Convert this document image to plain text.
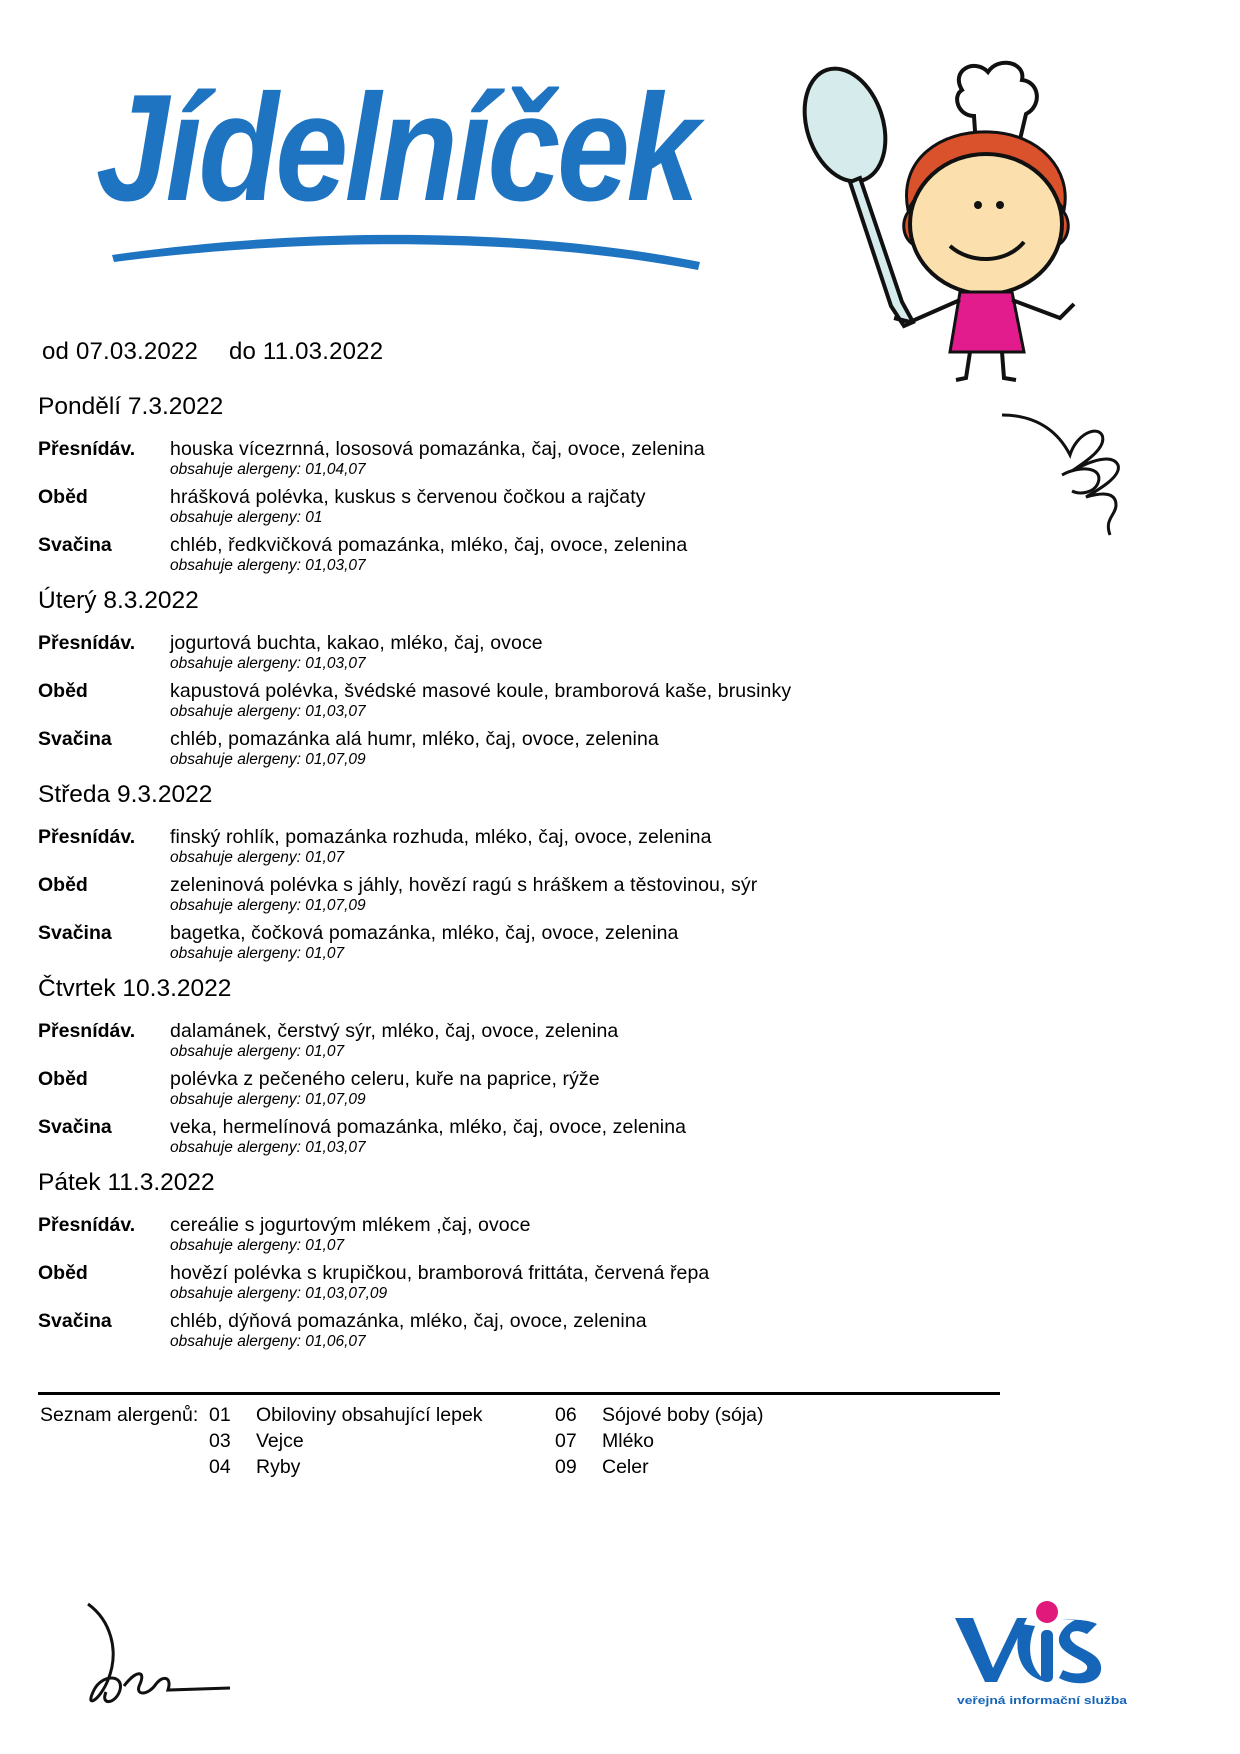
Jídelníček
od 07.03.2022 do 11.03.2022
Pondělí 7.3.2022
Přesnídáv.	houska vícezrnná, lososová pomazánka, čaj, ovoce, zelenina
obsahuje alergeny: 01,04,07
Oběd	hrášková polévka, kuskus s červenou čočkou a rajčaty
obsahuje alergeny: 01
Svačina	chléb, ředkvičková pomazánka, mléko, čaj, ovoce, zelenina
obsahuje alergeny: 01,03,07
Úterý 8.3.2022
Přesnídáv.	jogurtová buchta, kakao, mléko, čaj, ovoce
obsahuje alergeny: 01,03,07
Oběd	kapustová polévka, švédské masové koule, bramborová kaše, brusinky
obsahuje alergeny: 01,03,07
Svačina	chléb, pomazánka alá humr, mléko, čaj, ovoce, zelenina
obsahuje alergeny: 01,07,09
Středa 9.3.2022
Přesnídáv.	finský rohlík, pomazánka rozhuda, mléko, čaj, ovoce, zelenina
obsahuje alergeny: 01,07
Oběd	zeleninová polévka s jáhly, hovězí ragú s hráškem a těstovinou, sýr
obsahuje alergeny: 01,07,09
Svačina	bagetka, čočková pomazánka, mléko, čaj, ovoce, zelenina
obsahuje alergeny: 01,07
Čtvrtek 10.3.2022
Přesnídáv.	dalamánek, čerstvý sýr, mléko, čaj, ovoce, zelenina
obsahuje alergeny: 01,07
Oběd	polévka z pečeného celeru, kuře na paprice, rýže
obsahuje alergeny: 01,07,09
Svačina	veka, hermelínová pomazánka, mléko, čaj, ovoce, zelenina
obsahuje alergeny: 01,03,07
Pátek 11.3.2022
Přesnídáv.	cereálie s jogurtovým mlékem ,čaj, ovoce
obsahuje alergeny: 01,07
Oběd	hovězí polévka s krupičkou, bramborová frittáta, červená řepa
obsahuje alergeny: 01,03,07,09
Svačina	chléb, dýňová pomazánka, mléko, čaj, ovoce, zelenina
obsahuje alergeny: 01,06,07
Seznam alergenů: 01 Obiloviny obsahující lepek
03 Vejce
04 Ryby
06 Sójové boby (sója)
07 Mléko
09 Celer
veřejná informační služba
